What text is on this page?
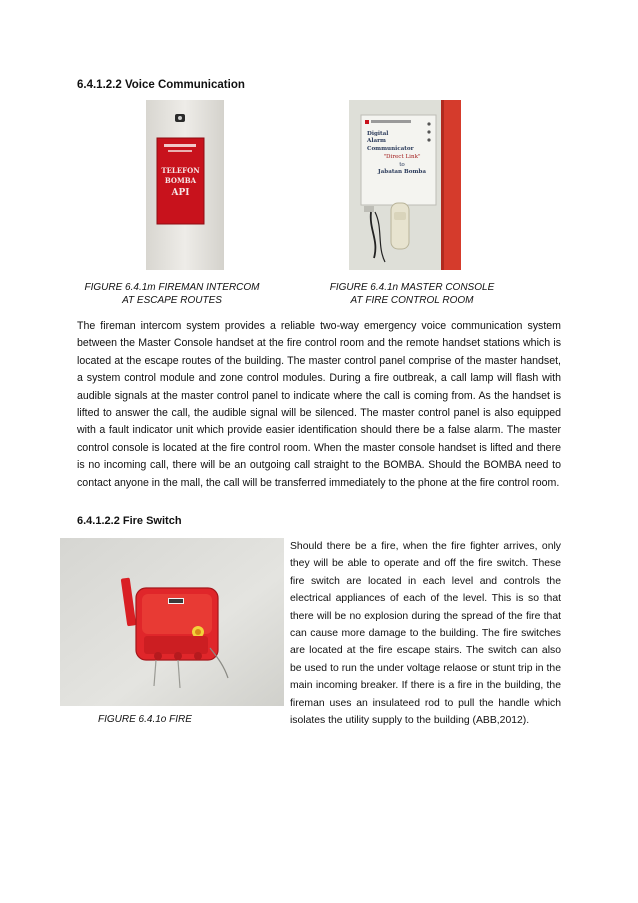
6.4.1.2.2 Voice Communication
TELEFON
BOMBA
API
Digital
Alarm
Communicator
"Direct Link"
to
Jabatan Bomba
FIGURE 6.4.1m FIREMAN INTERCOM
AT ESCAPE ROUTES
FIGURE 6.4.1n MASTER CONSOLE
AT FIRE CONTROL ROOM
The fireman intercom system provides a reliable two-way emergency voice communication system between the Master Console handset at the fire control room and the remote handset stations which is located at the escape routes of the building. The master control panel comprise of the master handset, a system control module and zone control modules. During a fire outbreak, a call lamp will flash with audible signals at the master control panel to indicate where the call is coming from. As the handset is lifted to answer the call, the audible signal will be silenced. The master control panel is also equipped with a fault indicator unit which provide easier identification should there be a false alarm. The master control console is located at the fire control room. When the master console handset is lifted and there is no incoming call, there will be an outgoing call straight to the BOMBA. Should the BOMBA need to contact anyone in the mall, the call will be transferred immediately to the phone at the fire control room.
6.4.1.2.2 Fire Switch
Should there be a fire, when the fire fighter arrives, only they will be able to operate and off the fire switch. These fire switch are located in each level and controls the electrical appliances of each of the level. This is so that there will be no explosion during the spread of the fire that can cause more damage to the building. The fire switches are located at the fire escape stairs. The switch can also be used to run the under voltage relaose or stunt trip in the main incoming breaker. If there is a fire in the building, the fireman uses an insulateed rod to pull the handle which isolates the utility supply to the building (ABB,2012).
FIGURE 6.4.1o FIRE
